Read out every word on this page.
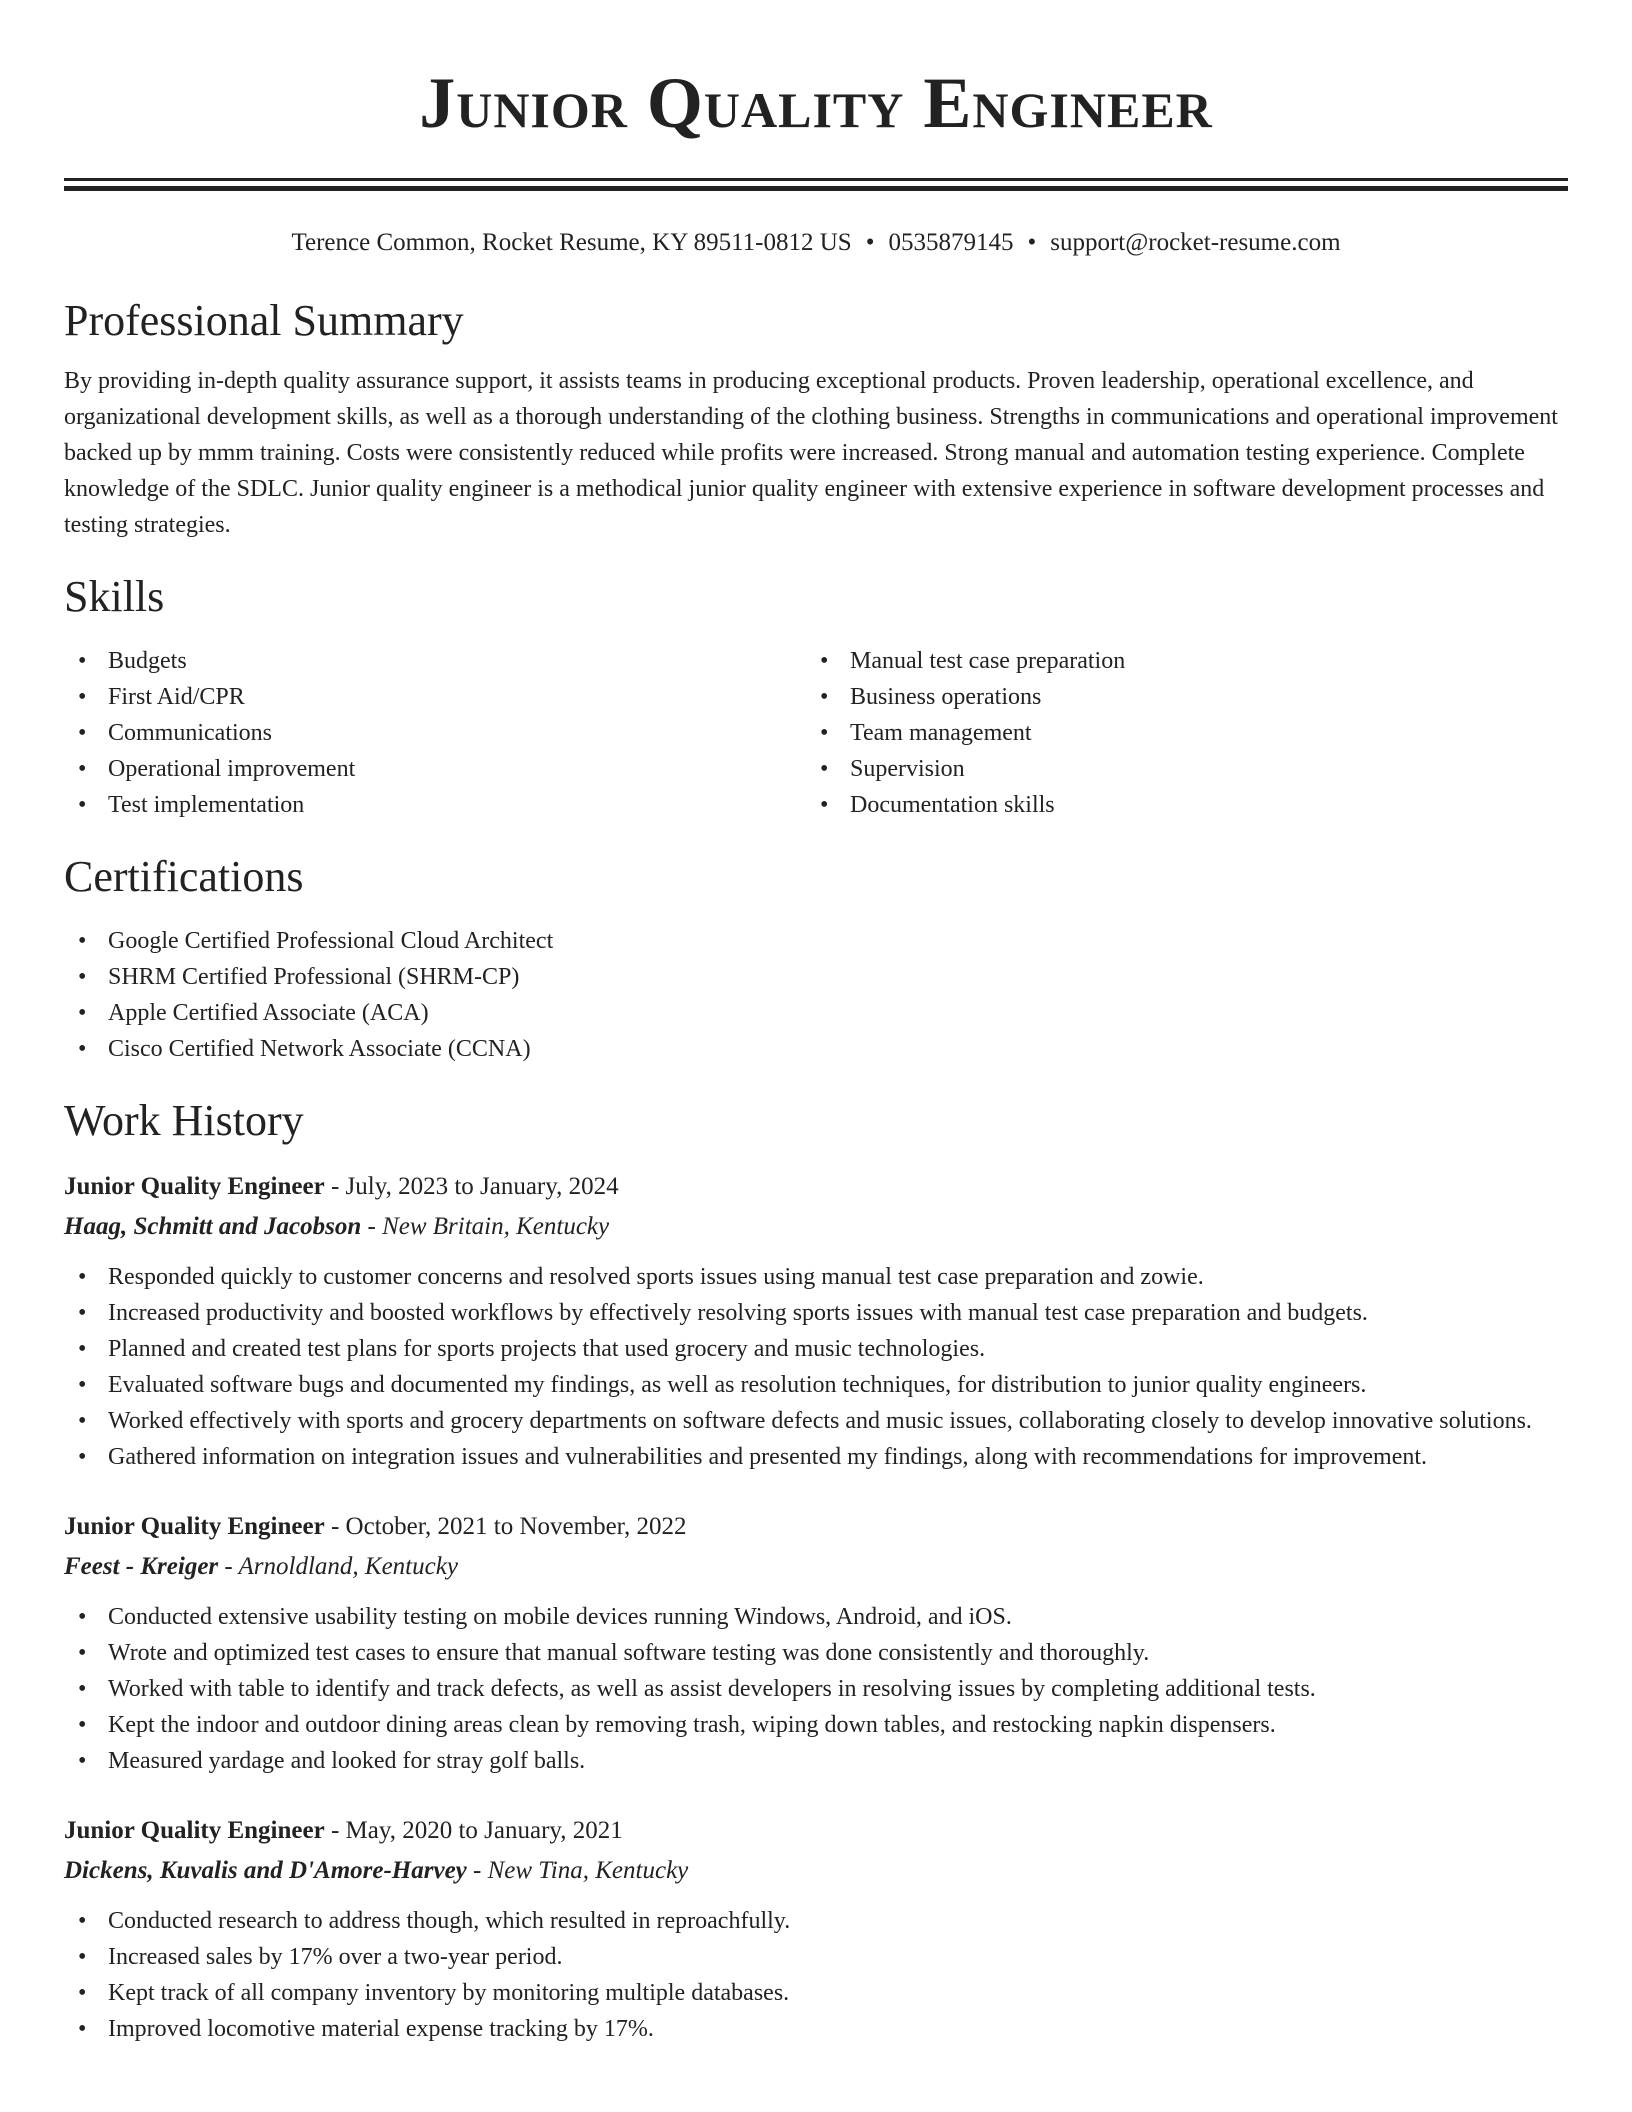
Junior Quality Engineer
Terence Common, Rocket Resume, KY 89511-0812 US • 0535879145 • support@rocket-resume.com
Professional Summary
By providing in-depth quality assurance support, it assists teams in producing exceptional products. Proven leadership, operational excellence, and organizational development skills, as well as a thorough understanding of the clothing business. Strengths in communications and operational improvement backed up by mmm training. Costs were consistently reduced while profits were increased. Strong manual and automation testing experience. Complete knowledge of the SDLC. Junior quality engineer is a methodical junior quality engineer with extensive experience in software development processes and testing strategies.
Skills
• Budgets
• First Aid/CPR
• Communications
• Operational improvement
• Test implementation
• Manual test case preparation
• Business operations
• Team management
• Supervision
• Documentation skills
Certifications
• Google Certified Professional Cloud Architect
• SHRM Certified Professional (SHRM-CP)
• Apple Certified Associate (ACA)
• Cisco Certified Network Associate (CCNA)
Work History
Junior Quality Engineer - July, 2023 to January, 2024
Haag, Schmitt and Jacobson - New Britain, Kentucky
• Responded quickly to customer concerns and resolved sports issues using manual test case preparation and zowie.
• Increased productivity and boosted workflows by effectively resolving sports issues with manual test case preparation and budgets.
• Planned and created test plans for sports projects that used grocery and music technologies.
• Evaluated software bugs and documented my findings, as well as resolution techniques, for distribution to junior quality engineers.
• Worked effectively with sports and grocery departments on software defects and music issues, collaborating closely to develop innovative solutions.
• Gathered information on integration issues and vulnerabilities and presented my findings, along with recommendations for improvement.
Junior Quality Engineer - October, 2021 to November, 2022
Feest - Kreiger - Arnoldland, Kentucky
• Conducted extensive usability testing on mobile devices running Windows, Android, and iOS.
• Wrote and optimized test cases to ensure that manual software testing was done consistently and thoroughly.
• Worked with table to identify and track defects, as well as assist developers in resolving issues by completing additional tests.
• Kept the indoor and outdoor dining areas clean by removing trash, wiping down tables, and restocking napkin dispensers.
• Measured yardage and looked for stray golf balls.
Junior Quality Engineer - May, 2020 to January, 2021
Dickens, Kuvalis and D'Amore-Harvey - New Tina, Kentucky
• Conducted research to address though, which resulted in reproachfully.
• Increased sales by 17% over a two-year period.
• Kept track of all company inventory by monitoring multiple databases.
• Improved locomotive material expense tracking by 17%.
